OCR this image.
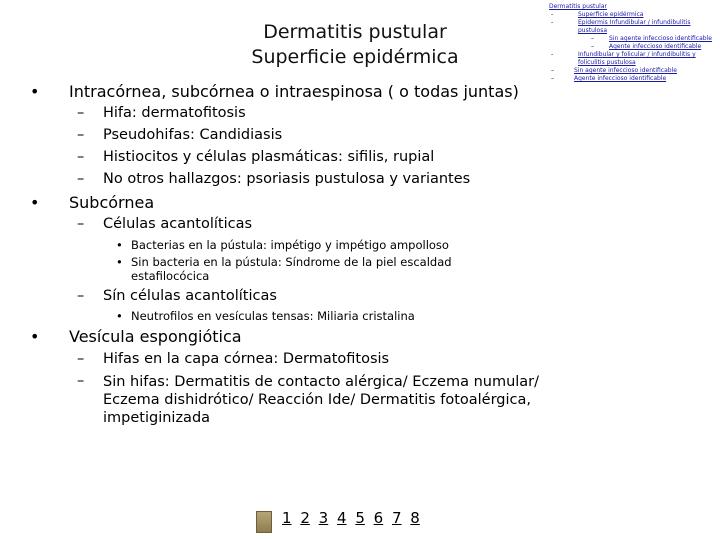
Dermatitis pustular
Superficie epidérmica
• Intracórnea, subcórnea o intraespinosa ( o todas juntas)
– Hifa: dermatofitosis
– Pseudohifas: Candidiasis
– Histiocitos y células plasmáticas: sifilis, rupial
– No otros hallazgos: psoriasis pustulosa y variantes
• Subcórnea
– Células acantolíticas
• Bacterias en la pústula: impétigo y impétigo ampolloso
• Sin bacteria en la pústula: Síndrome de la piel escaldad estafilocócica
– Sín células acantolíticas
• Neutrofilos en vesículas tensas: Miliaria cristalina
• Vesícula espongiótica
– Hifas en la capa córnea: Dermatofitosis
– Sin hifas: Dermatitis de contacto alérgica/ Eczema numular/ Eczema dishidrótico/ Reacción Ide/ Dermatitis fotoalérgica, impetiginizada
1 2 3 4 5 6 7 8
Dermatitis pustular
-	Superficie epidérmica
-	Epidermis Infundibular / infundibulitis
pustulosa
–	Sin agente infeccioso identificable
–	Agente infeccioso identificable
-	Infundibular y folicular / infundibulitis y
foliculitis pustulosa
–	Sin agente infeccioso identificable
–	Agente infeccioso identificable
